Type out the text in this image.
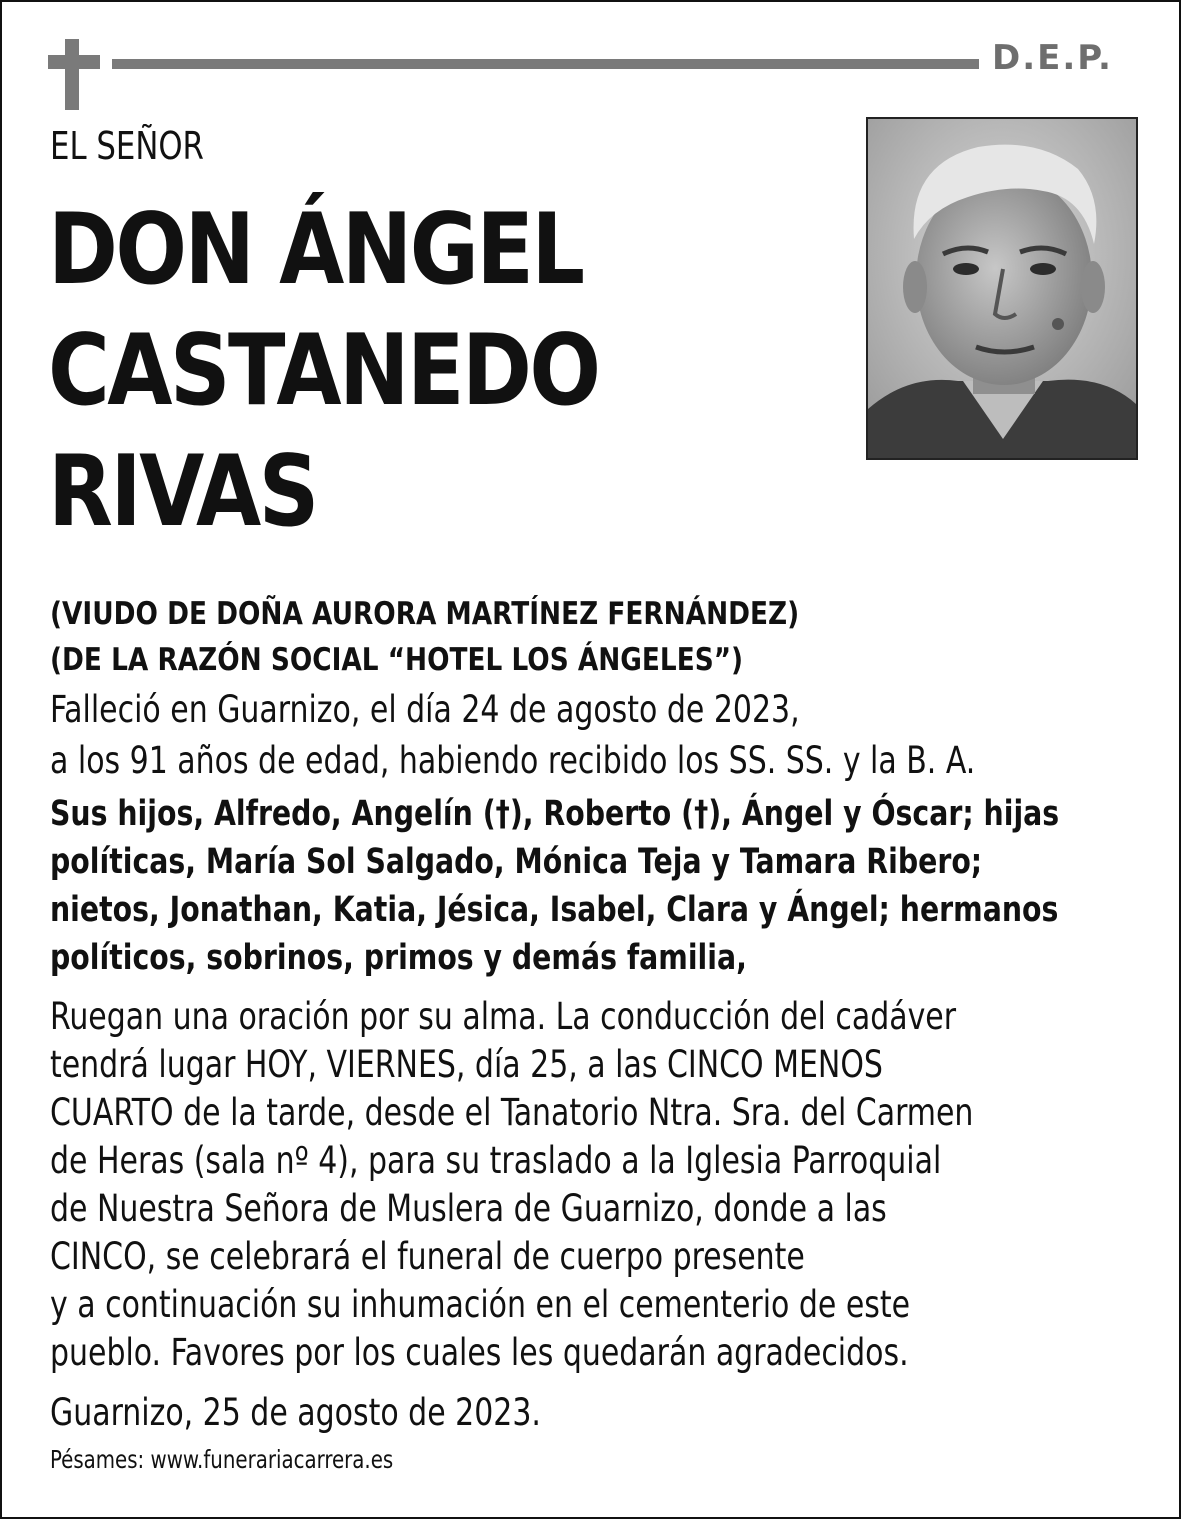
D.E.P.
EL SEÑOR
DON ÁNGEL
CASTANEDO
RIVAS
(VIUDO DE DOÑA AURORA MARTÍNEZ FERNÁNDEZ)
(DE LA RAZÓN SOCIAL “HOTEL LOS ÁNGELES”)
Falleció en Guarnizo, el día 24 de agosto de 2023,
a los 91 años de edad, habiendo recibido los SS. SS. y la B. A.
Sus hijos, Alfredo, Angelín (†), Roberto (†), Ángel y Óscar; hijas
políticas, María Sol Salgado, Mónica Teja y Tamara Ribero;
nietos, Jonathan, Katia, Jésica, Isabel, Clara y Ángel; hermanos
políticos, sobrinos, primos y demás familia,
Ruegan una oración por su alma. La conducción del cadáver
tendrá lugar HOY, VIERNES, día 25, a las CINCO MENOS
CUARTO de la tarde, desde el Tanatorio Ntra. Sra. del Carmen
de Heras (sala nº 4), para su traslado a la Iglesia Parroquial
de Nuestra Señora de Muslera de Guarnizo, donde a las
CINCO, se celebrará el funeral de cuerpo presente
y a continuación su inhumación en el cementerio de este
pueblo. Favores por los cuales les quedarán agradecidos.
Guarnizo, 25 de agosto de 2023.
Pésames: www.funerariacarrera.es
